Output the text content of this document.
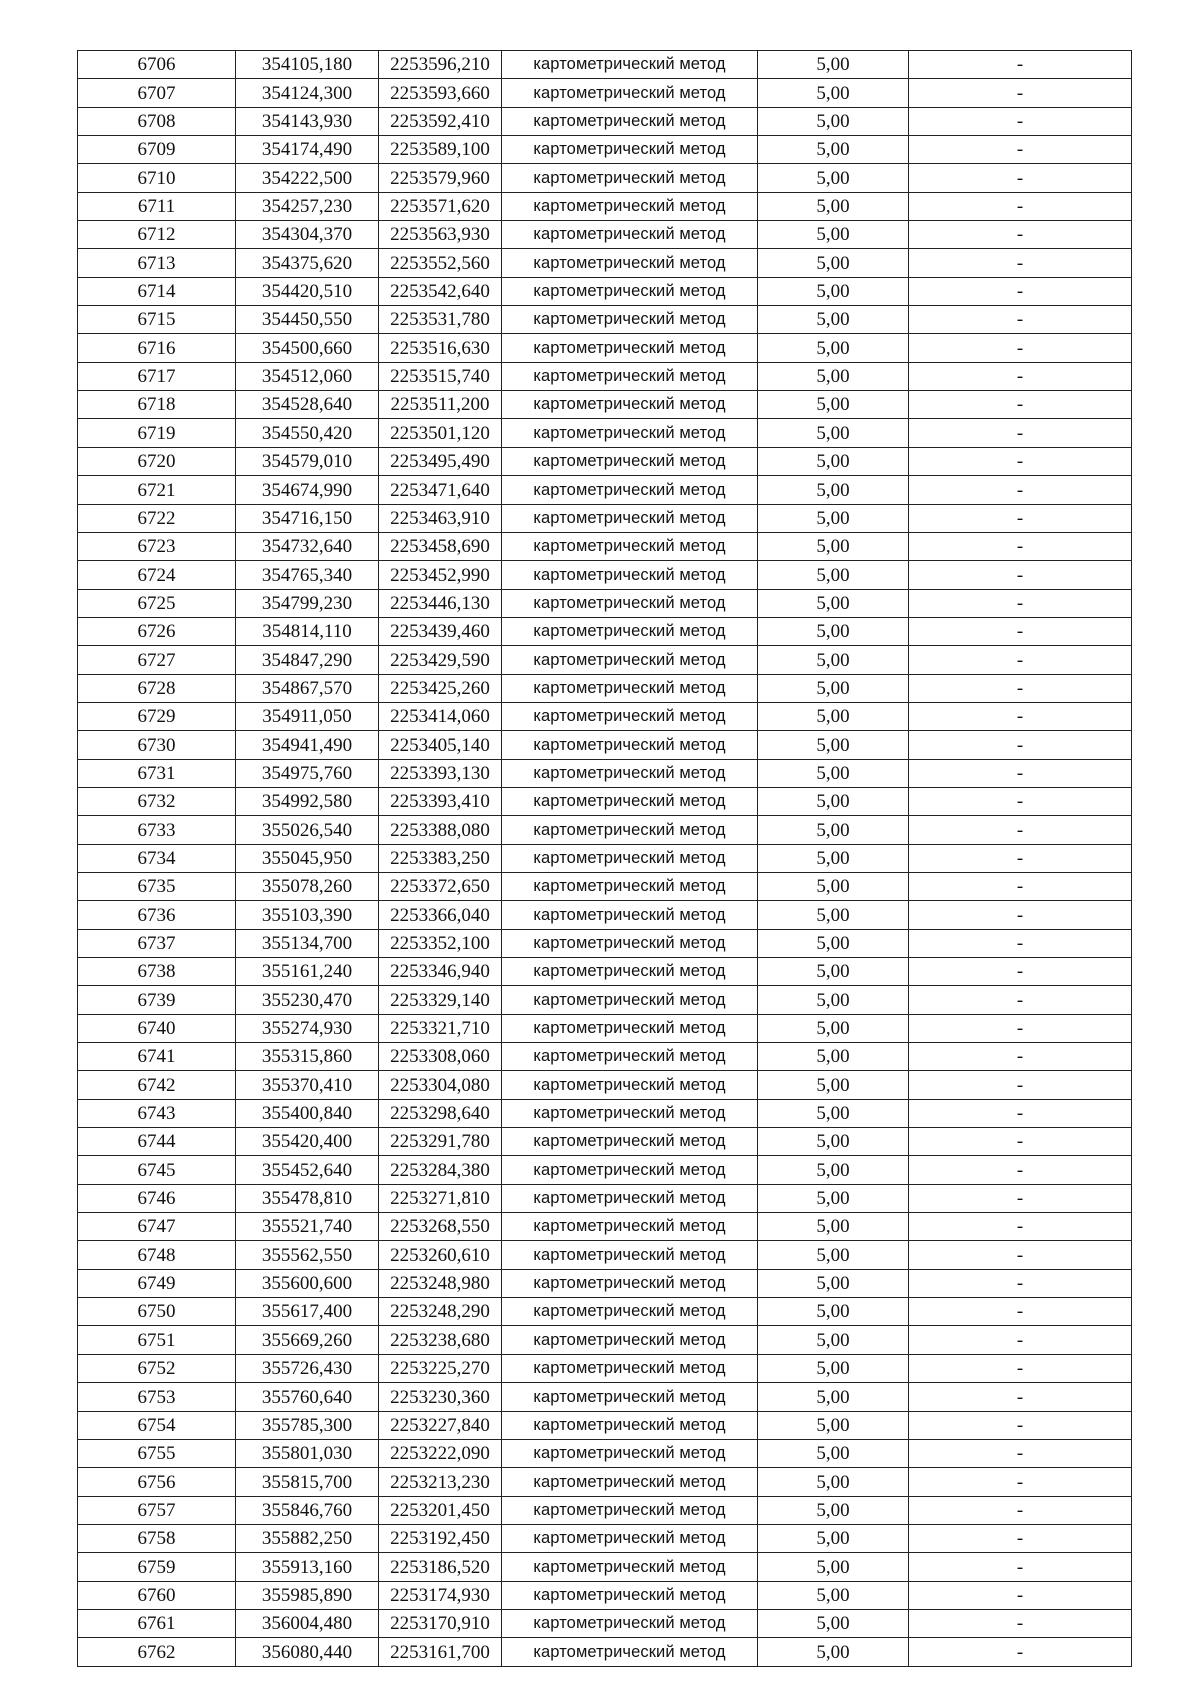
6706	354105,180	2253596,210	картометрический метод	5,00	-
6707	354124,300	2253593,660	картометрический метод	5,00	-
6708	354143,930	2253592,410	картометрический метод	5,00	-
6709	354174,490	2253589,100	картометрический метод	5,00	-
6710	354222,500	2253579,960	картометрический метод	5,00	-
6711	354257,230	2253571,620	картометрический метод	5,00	-
6712	354304,370	2253563,930	картометрический метод	5,00	-
6713	354375,620	2253552,560	картометрический метод	5,00	-
6714	354420,510	2253542,640	картометрический метод	5,00	-
6715	354450,550	2253531,780	картометрический метод	5,00	-
6716	354500,660	2253516,630	картометрический метод	5,00	-
6717	354512,060	2253515,740	картометрический метод	5,00	-
6718	354528,640	2253511,200	картометрический метод	5,00	-
6719	354550,420	2253501,120	картометрический метод	5,00	-
6720	354579,010	2253495,490	картометрический метод	5,00	-
6721	354674,990	2253471,640	картометрический метод	5,00	-
6722	354716,150	2253463,910	картометрический метод	5,00	-
6723	354732,640	2253458,690	картометрический метод	5,00	-
6724	354765,340	2253452,990	картометрический метод	5,00	-
6725	354799,230	2253446,130	картометрический метод	5,00	-
6726	354814,110	2253439,460	картометрический метод	5,00	-
6727	354847,290	2253429,590	картометрический метод	5,00	-
6728	354867,570	2253425,260	картометрический метод	5,00	-
6729	354911,050	2253414,060	картометрический метод	5,00	-
6730	354941,490	2253405,140	картометрический метод	5,00	-
6731	354975,760	2253393,130	картометрический метод	5,00	-
6732	354992,580	2253393,410	картометрический метод	5,00	-
6733	355026,540	2253388,080	картометрический метод	5,00	-
6734	355045,950	2253383,250	картометрический метод	5,00	-
6735	355078,260	2253372,650	картометрический метод	5,00	-
6736	355103,390	2253366,040	картометрический метод	5,00	-
6737	355134,700	2253352,100	картометрический метод	5,00	-
6738	355161,240	2253346,940	картометрический метод	5,00	-
6739	355230,470	2253329,140	картометрический метод	5,00	-
6740	355274,930	2253321,710	картометрический метод	5,00	-
6741	355315,860	2253308,060	картометрический метод	5,00	-
6742	355370,410	2253304,080	картометрический метод	5,00	-
6743	355400,840	2253298,640	картометрический метод	5,00	-
6744	355420,400	2253291,780	картометрический метод	5,00	-
6745	355452,640	2253284,380	картометрический метод	5,00	-
6746	355478,810	2253271,810	картометрический метод	5,00	-
6747	355521,740	2253268,550	картометрический метод	5,00	-
6748	355562,550	2253260,610	картометрический метод	5,00	-
6749	355600,600	2253248,980	картометрический метод	5,00	-
6750	355617,400	2253248,290	картометрический метод	5,00	-
6751	355669,260	2253238,680	картометрический метод	5,00	-
6752	355726,430	2253225,270	картометрический метод	5,00	-
6753	355760,640	2253230,360	картометрический метод	5,00	-
6754	355785,300	2253227,840	картометрический метод	5,00	-
6755	355801,030	2253222,090	картометрический метод	5,00	-
6756	355815,700	2253213,230	картометрический метод	5,00	-
6757	355846,760	2253201,450	картометрический метод	5,00	-
6758	355882,250	2253192,450	картометрический метод	5,00	-
6759	355913,160	2253186,520	картометрический метод	5,00	-
6760	355985,890	2253174,930	картометрический метод	5,00	-
6761	356004,480	2253170,910	картометрический метод	5,00	-
6762	356080,440	2253161,700	картометрический метод	5,00	-
